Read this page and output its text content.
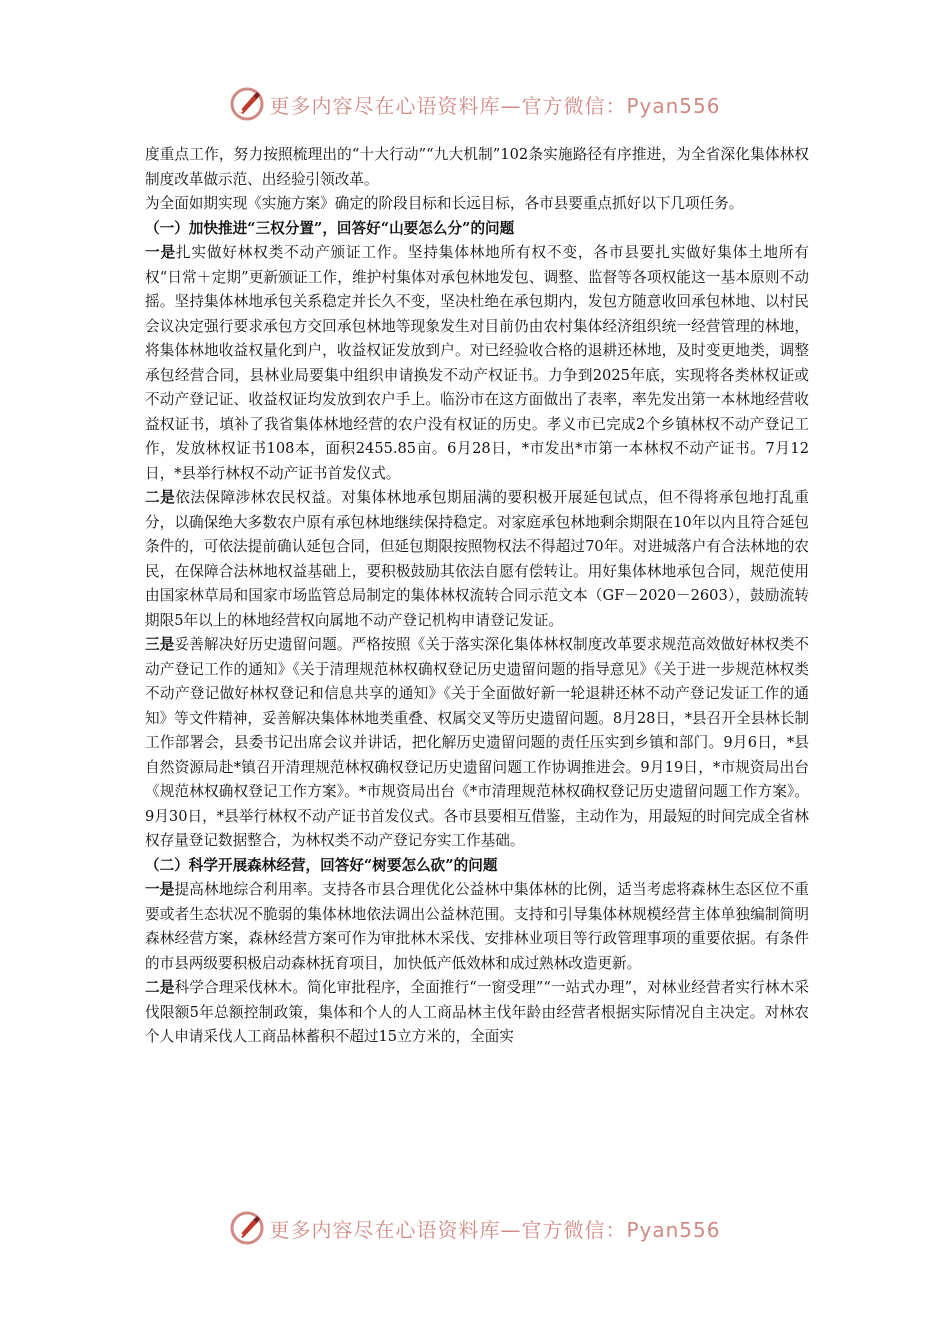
更多内容尽在心语资料库—官方微信：Pyan556

度重点工作，努力按照梳理出的“十大行动”“九大机制”102条实施路径有序推进，为全省深化集体林权制度改革做示范、出经验引领改革。

为全面如期实现《实施方案》确定的阶段目标和长远目标，各市县要重点抓好以下几项任务。

（一）加快推进“三权分置”，回答好“山要怎么分”的问题

一是扎实做好林权类不动产颁证工作。坚持集体林地所有权不变，各市县要扎实做好集体土地所有权“日常＋定期”更新颁证工作，维护村集体对承包林地发包、调整、监督等各项权能这一基本原则不动摇。坚持集体林地承包关系稳定并长久不变，坚决杜绝在承包期内，发包方随意收回承包林地、以村民会议决定强行要求承包方交回承包林地等现象发生对目前仍由农村集体经济组织统一经营管理的林地，将集体林地收益权量化到户，收益权证发放到户。对已经验收合格的退耕还林地，及时变更地类，调整承包经营合同，县林业局要集中组织申请换发不动产权证书。力争到2025年底，实现将各类林权证或不动产登记证、收益权证均发放到农户手上。临汾市在这方面做出了表率，率先发出第一本林地经营收益权证书，填补了我省集体林地经营的农户没有权证的历史。孝义市已完成2个乡镇林权不动产登记工作，发放林权证书108本，面积2455.85亩。6月28日，*市发出*市第一本林权不动产证书。7月12日，*县举行林权不动产证书首发仪式。

二是依法保障涉林农民权益。对集体林地承包期届满的要积极开展延包试点，但不得将承包地打乱重分，以确保绝大多数农户原有承包林地继续保持稳定。对家庭承包林地剩余期限在10年以内且符合延包条件的，可依法提前确认延包合同，但延包期限按照物权法不得超过70年。对进城落户有合法林地的农民，在保障合法林地权益基础上，要积极鼓励其依法自愿有偿转让。用好集体林地承包合同，规范使用由国家林草局和国家市场监管总局制定的集体林权流转合同示范文本（GF－2020－2603），鼓励流转期限5年以上的林地经营权向属地不动产登记机构申请登记发证。

三是妥善解决好历史遗留问题。严格按照《关于落实深化集体林权制度改革要求规范高效做好林权类不动产登记工作的通知》《关于清理规范林权确权登记历史遗留问题的指导意见》《关于进一步规范林权类不动产登记做好林权登记和信息共享的通知》《关于全面做好新一轮退耕还林不动产登记发证工作的通知》等文件精神，妥善解决集体林地类重叠、权属交叉等历史遗留问题。8月28日，*县召开全县林长制工作部署会，县委书记出席会议并讲话，把化解历史遗留问题的责任压实到乡镇和部门。9月6日，*县自然资源局赴*镇召开清理规范林权确权登记历史遗留问题工作协调推进会。9月19日，*市规资局出台《规范林权确权登记工作方案》。*市规资局出台《*市清理规范林权确权登记历史遗留问题工作方案》。9月30日，*县举行林权不动产证书首发仪式。各市县要相互借鉴，主动作为，用最短的时间完成全省林权存量登记数据整合，为林权类不动产登记夯实工作基础。

（二）科学开展森林经营，回答好“树要怎么砍”的问题

一是提高林地综合利用率。支持各市县合理优化公益林中集体林的比例，适当考虑将森林生态区位不重要或者生态状况不脆弱的集体林地依法调出公益林范围。支持和引导集体林规模经营主体单独编制简明森林经营方案，森林经营方案可作为审批林木采伐、安排林业项目等行政管理事项的重要依据。有条件的市县两级要积极启动森林抚育项目，加快低产低效林和成过熟林改造更新。

二是科学合理采伐林木。简化审批程序，全面推行“一窗受理”“一站式办理”，对林业经营者实行林木采伐限额5年总额控制政策，集体和个人的人工商品林主伐年龄由经营者根据实际情况自主决定。对林农个人申请采伐人工商品林蓄积不超过15立方米的，全面实

更多内容尽在心语资料库—官方微信：Pyan556
